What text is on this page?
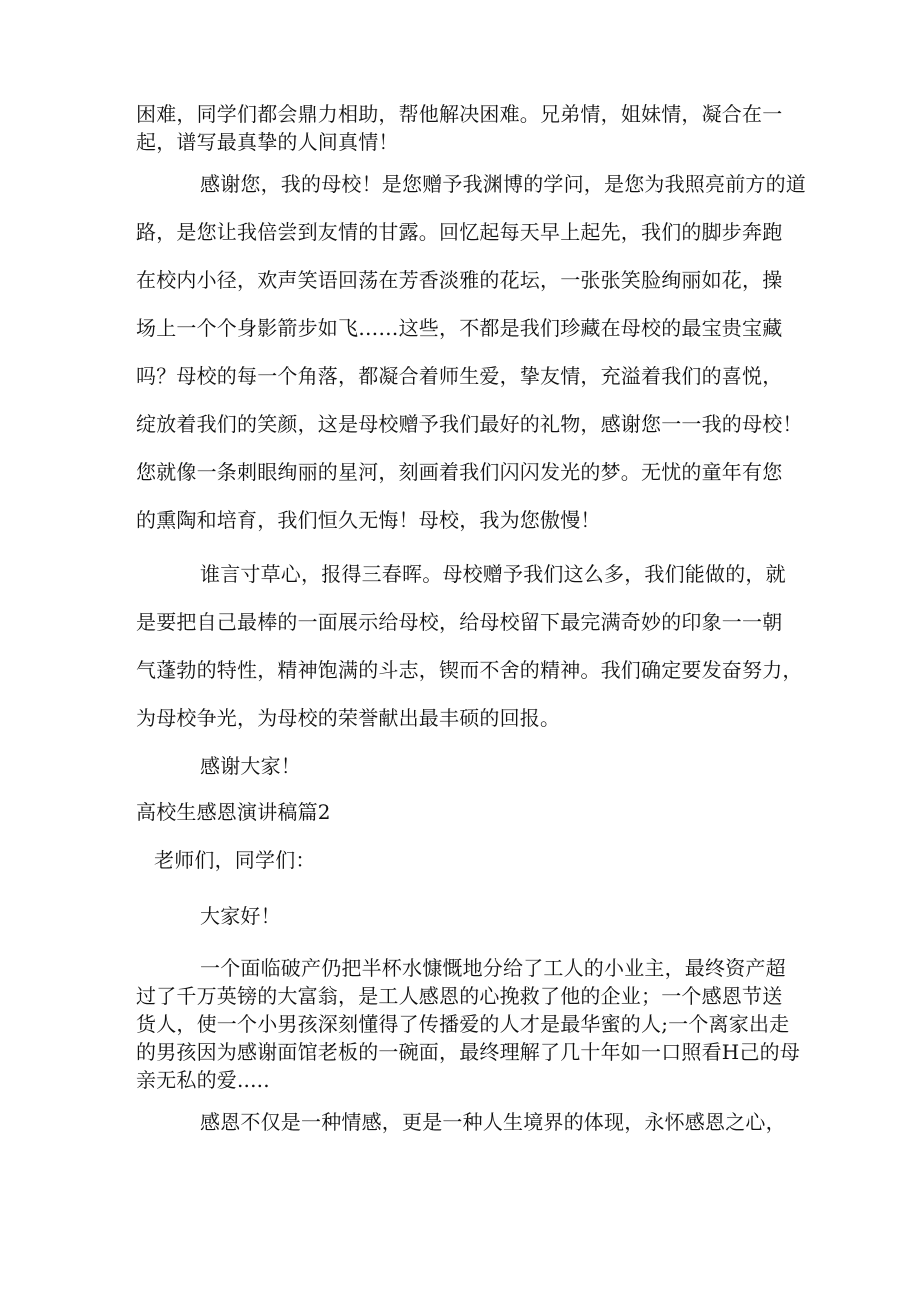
困难，同学们都会鼎力相助，帮他解决困难。兄弟情，姐妹情，凝合在一

起，谱写最真挚的人间真情！

感谢您，我的母校！是您赠予我渊博的学问，是您为我照亮前方的道

路，是您让我倍尝到友情的甘露。回忆起每天早上起先，我们的脚步奔跑

在校内小径，欢声笑语回荡在芳香淡雅的花坛，一张张笑脸绚丽如花，操

场上一个个身影箭步如飞……这些，不都是我们珍藏在母校的最宝贵宝藏

吗？母校的每一个角落，都凝合着师生爱，挚友情，充溢着我们的喜悦，

绽放着我们的笑颜，这是母校赠予我们最好的礼物，感谢您一一我的母校！

您就像一条刺眼绚丽的星河，刻画着我们闪闪发光的梦。无忧的童年有您

的熏陶和培育，我们恒久无悔！母校，我为您傲慢！

谁言寸草心，报得三春晖。母校赠予我们这么多，我们能做的，就

是要把自己最棒的一面展示给母校，给母校留下最完满奇妙的印象一一朝

气蓬勃的特性，精神饱满的斗志，锲而不舍的精神。我们确定要发奋努力，

为母校争光，为母校的荣誉献出最丰硕的回报。

感谢大家！

高校生感恩演讲稿篇2

老师们，同学们：

大家好！

一个面临破产仍把半杯水慷慨地分给了工人的小业主，最终资产超

过了千万英镑的大富翁，是工人感恩的心挽救了他的企业；一个感恩节送

货人，使一个小男孩深刻懂得了传播爱的人才是最华蜜的人;一个离家出走

的男孩因为感谢面馆老板的一碗面，最终理解了几十年如一口照看H己的母

亲无私的爱.....

感恩不仅是一种情感，更是一种人生境界的体现，永怀感恩之心，
